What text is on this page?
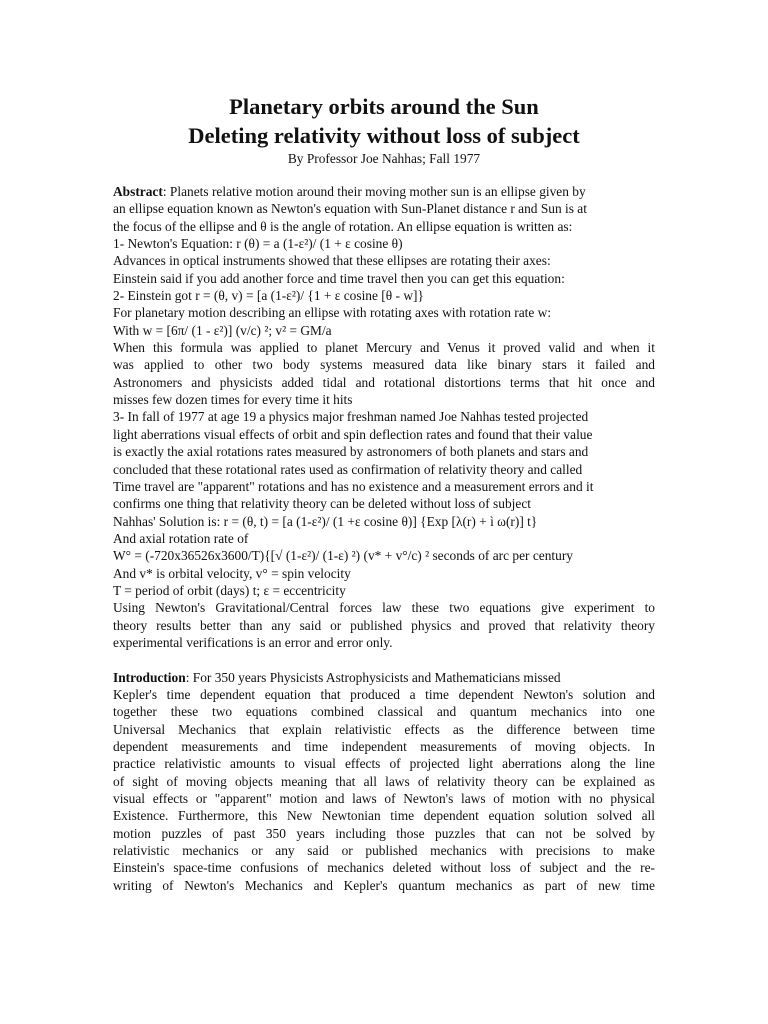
Planetary orbits around the Sun
Deleting relativity without loss of subject

By Professor Joe Nahhas; Fall 1977

Abstract: Planets relative motion around their moving mother sun is an ellipse given by

an ellipse equation known as Newton's equation with Sun-Planet distance r and Sun is at

the focus of the ellipse and θ is the angle of rotation. An ellipse equation is written as:

1- Newton's Equation: r (θ) = a (1-ε²)/ (1 + ε cosine θ)

Advances in optical instruments showed that these ellipses are rotating their axes:

Einstein said if you add another force and time travel then you can get this equation:

2- Einstein got r = (θ, v) = [a (1-ε²)/ {1 + ε cosine [θ - w]}

For planetary motion describing an ellipse with rotating axes with rotation rate w:

With w = [6π/ (1 - ε²)] (v/c) ²; v² = GM/a

When this formula was applied to planet Mercury and Venus it proved valid and when it

was applied to other two body systems measured data like binary stars it failed and

Astronomers and physicists added tidal and rotational distortions terms that hit once and

misses few dozen times for every time it hits

3- In fall of 1977 at age 19 a physics major freshman named Joe Nahhas tested projected

light aberrations visual effects of orbit and spin deflection rates and found that their value

is exactly the axial rotations rates measured by astronomers of both planets and stars and

concluded that these rotational rates used as confirmation of relativity theory and called

Time travel are "apparent" rotations and has no existence and a measurement errors and it

confirms one thing that relativity theory can be deleted without loss of subject

Nahhas' Solution is: r = (θ, t) = [a (1-ε²)/ (1 +ε cosine θ)] {Exp [λ(r) + ì ω(r)] t}

And axial rotation rate of

W° = (-720x36526x3600/T){[√ (1-ε²)/ (1-ε) ²) (v* + v°/c) ² seconds of arc per century

And v* is orbital velocity, v° = spin velocity

T = period of orbit (days) t; ε = eccentricity

Using Newton's Gravitational/Central forces law these two equations give experiment to

theory results better than any said or published physics and proved that relativity theory

experimental verifications is an error and error only.

Introduction: For 350 years Physicists Astrophysicists and Mathematicians missed

Kepler's time dependent equation that produced a time dependent Newton's solution and

together these two equations combined classical and quantum mechanics into one

Universal Mechanics that explain relativistic effects as the difference between time

dependent measurements and time independent measurements of moving objects. In

practice relativistic amounts to visual effects of projected light aberrations along the line

of sight of moving objects meaning that all laws of relativity theory can be explained as

visual effects or "apparent" motion and laws of Newton's laws of motion with no physical

Existence. Furthermore, this New Newtonian time dependent equation solution solved all

motion puzzles of past 350 years including those puzzles that can not be solved by

relativistic mechanics or any said or published mechanics with precisions to make

Einstein's space-time confusions of mechanics deleted without loss of subject and the re-

writing of Newton's Mechanics and Kepler's quantum mechanics as part of new time
